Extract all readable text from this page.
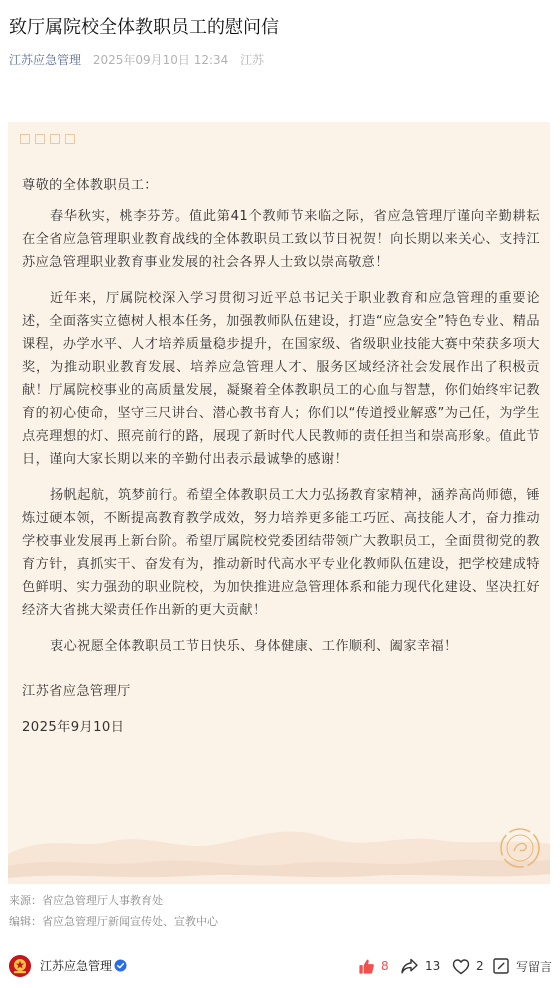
致厅属院校全体教职员工的慰问信
江苏应急管理 2025年09月10日 12:34 江苏

尊敬的全体教职员工：

春华秋实，桃李芬芳。值此第41个教师节来临之际，省应急管理厅谨向辛勤耕耘在全省应急管理职业教育战线的全体教职员工致以节日祝贺！向长期以来关心、支持江苏应急管理职业教育事业发展的社会各界人士致以崇高敬意！

近年来，厅属院校深入学习贯彻习近平总书记关于职业教育和应急管理的重要论述，全面落实立德树人根本任务，加强教师队伍建设，打造“应急安全”特色专业、精品课程，办学水平、人才培养质量稳步提升，在国家级、省级职业技能大赛中荣获多项大奖，为推动职业教育发展、培养应急管理人才、服务区域经济社会发展作出了积极贡献！厅属院校事业的高质量发展，凝聚着全体教职员工的心血与智慧，你们始终牢记教育的初心使命，坚守三尺讲台、潜心教书育人；你们以“传道授业解惑”为己任，为学生点亮理想的灯、照亮前行的路，展现了新时代人民教师的责任担当和崇高形象。值此节日，谨向大家长期以来的辛勤付出表示最诚挚的感谢！

扬帆起航，筑梦前行。希望全体教职员工大力弘扬教育家精神，涵养高尚师德，锤炼过硬本领，不断提高教育教学成效，努力培养更多能工巧匠、高技能人才，奋力推动学校事业发展再上新台阶。希望厅属院校党委团结带领广大教职员工，全面贯彻党的教育方针，真抓实干、奋发有为，推动新时代高水平专业化教师队伍建设，把学校建成特色鲜明、实力强劲的职业院校，为加快推进应急管理体系和能力现代化建设、坚决扛好经济大省挑大梁责任作出新的更大贡献！

衷心祝愿全体教职员工节日快乐、身体健康、工作顺利、阖家幸福！

江苏省应急管理厅

2025年9月10日

来源：省应急管理厅人事教育处
编辑：省应急管理厅新闻宣传处、宣教中心
江苏应急管理	8	13	2	写留言
